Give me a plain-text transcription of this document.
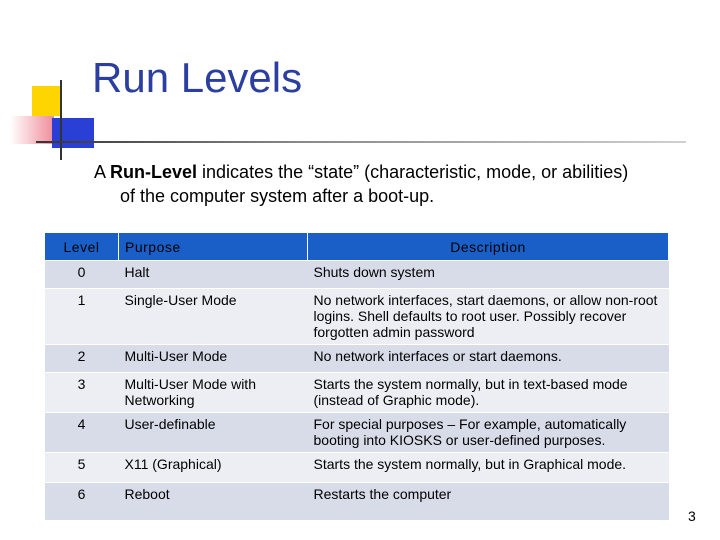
Run Levels
A Run-Level indicates the “state” (characteristic, mode, or abilities)
of the computer system after a boot-up.
Level	Purpose	Description
0	Halt	Shuts down system
1	Single-User Mode	No network interfaces, start daemons, or allow non-root logins. Shell defaults to root user. Possibly recover forgotten admin password
2	Multi-User Mode	No network interfaces or start daemons.
3	Multi-User Mode with Networking	Starts the system normally, but in text-based mode (instead of Graphic mode).
4	User-definable	For special purposes – For example, automatically booting into KIOSKS or user-defined purposes.
5	X11 (Graphical)	Starts the system normally, but in Graphical mode.
6	Reboot	Restarts the computer
3
